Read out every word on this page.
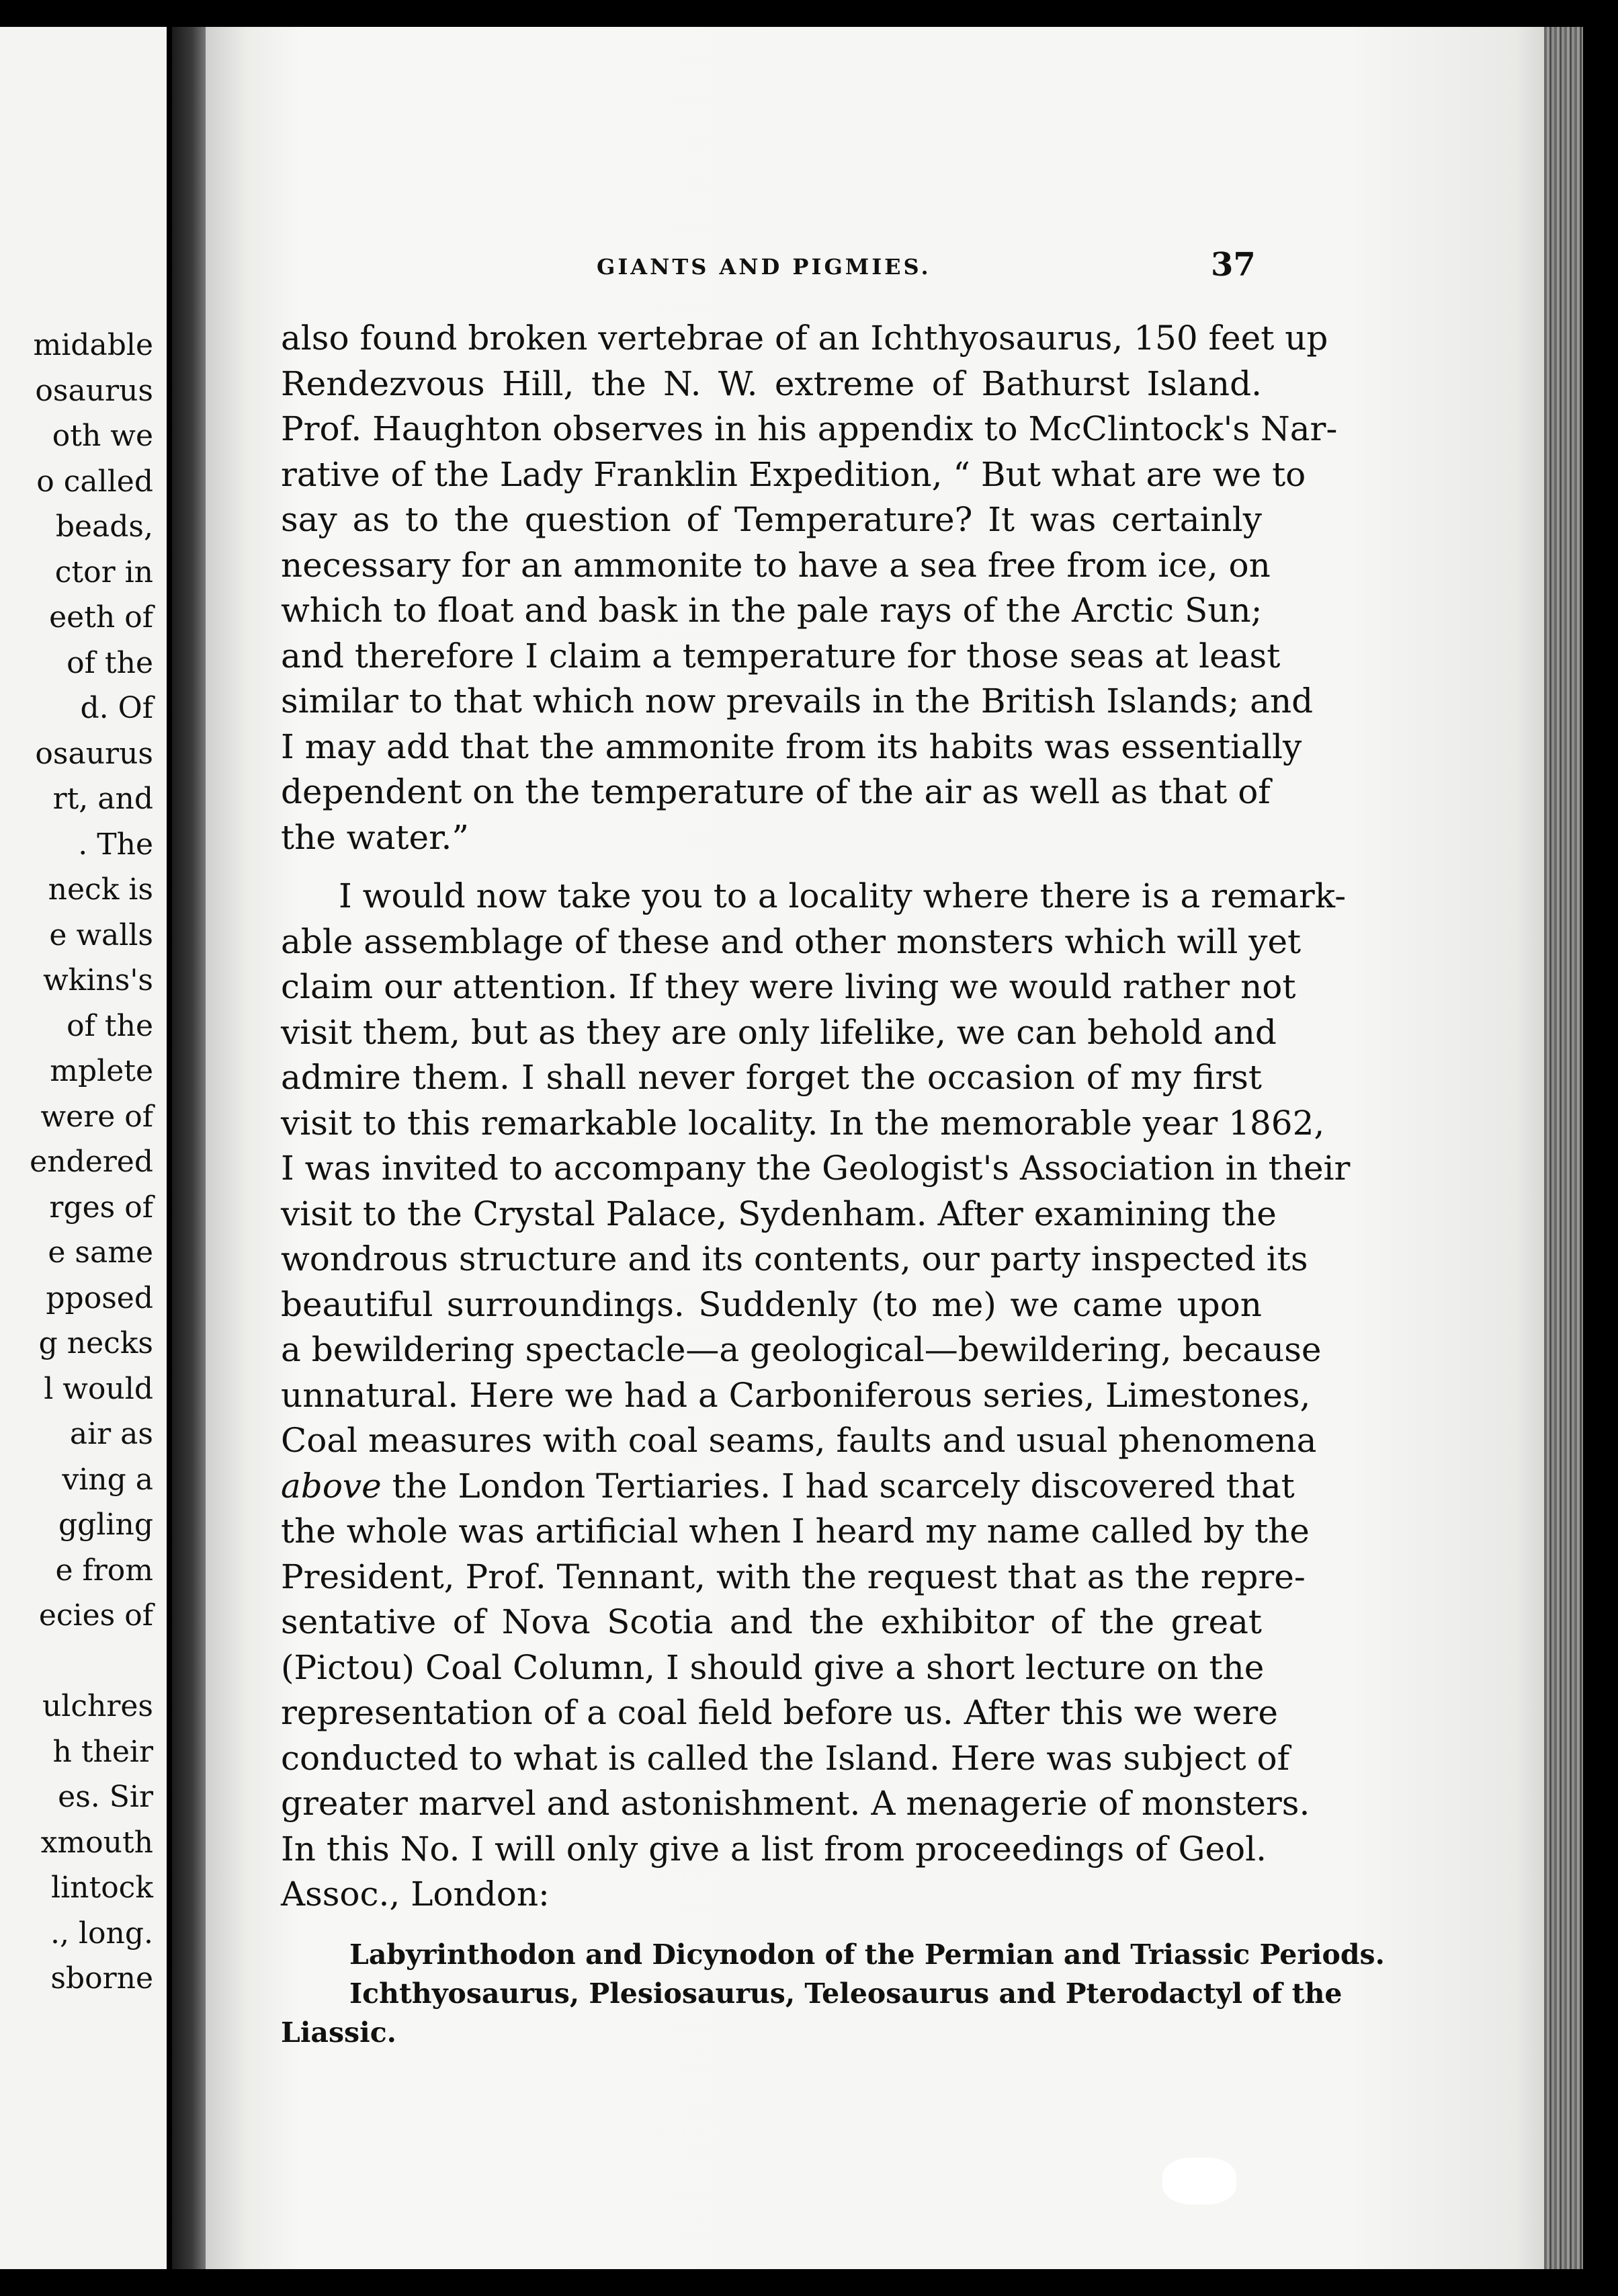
midable
osaurus
oth we
o called
beads,
ctor in
eeth of
of the
d. Of
osaurus
rt, and
. The
neck is
e walls
wkins's
of the
mplete
were of
endered
rges of
e same
pposed
g necks
l would
air as
ving a
ggling
e from
ecies of

ulchres
h their
es. Sir
xmouth
lintock
., long.
sborne
GIANTS AND PIGMIES.	37
also found broken vertebrae of an Ichthyosaurus, 150 feet up
Rendezvous Hill, the N. W. extreme of Bathurst Island.
Prof. Haughton observes in his appendix to McClintock's Nar-
rative of the Lady Franklin Expedition, “ But what are we to
say as to the question of Temperature? It was certainly
necessary for an ammonite to have a sea free from ice, on
which to float and bask in the pale rays of the Arctic Sun;
and therefore I claim a temperature for those seas at least
similar to that which now prevails in the British Islands; and
I may add that the ammonite from its habits was essentially
dependent on the temperature of the air as well as that of
the water.”
I would now take you to a locality where there is a remark-
able assemblage of these and other monsters which will yet
claim our attention. If they were living we would rather not
visit them, but as they are only lifelike, we can behold and
admire them. I shall never forget the occasion of my first
visit to this remarkable locality. In the memorable year 1862,
I was invited to accompany the Geologist's Association in their
visit to the Crystal Palace, Sydenham. After examining the
wondrous structure and its contents, our party inspected its
beautiful surroundings. Suddenly (to me) we came upon
a bewildering spectacle—a geological—bewildering, because
unnatural. Here we had a Carboniferous series, Limestones,
Coal measures with coal seams, faults and usual phenomena
above the London Tertiaries. I had scarcely discovered that
the whole was artificial when I heard my name called by the
President, Prof. Tennant, with the request that as the repre-
sentative of Nova Scotia and the exhibitor of the great
(Pictou) Coal Column, I should give a short lecture on the
representation of a coal field before us. After this we were
conducted to what is called the Island. Here was subject of
greater marvel and astonishment. A menagerie of monsters.
In this No. I will only give a list from proceedings of Geol.
Assoc., London:
Labyrinthodon and Dicynodon of the Permian and Triassic Periods.
Ichthyosaurus, Plesiosaurus, Teleosaurus and Pterodactyl of the
Liassic.
